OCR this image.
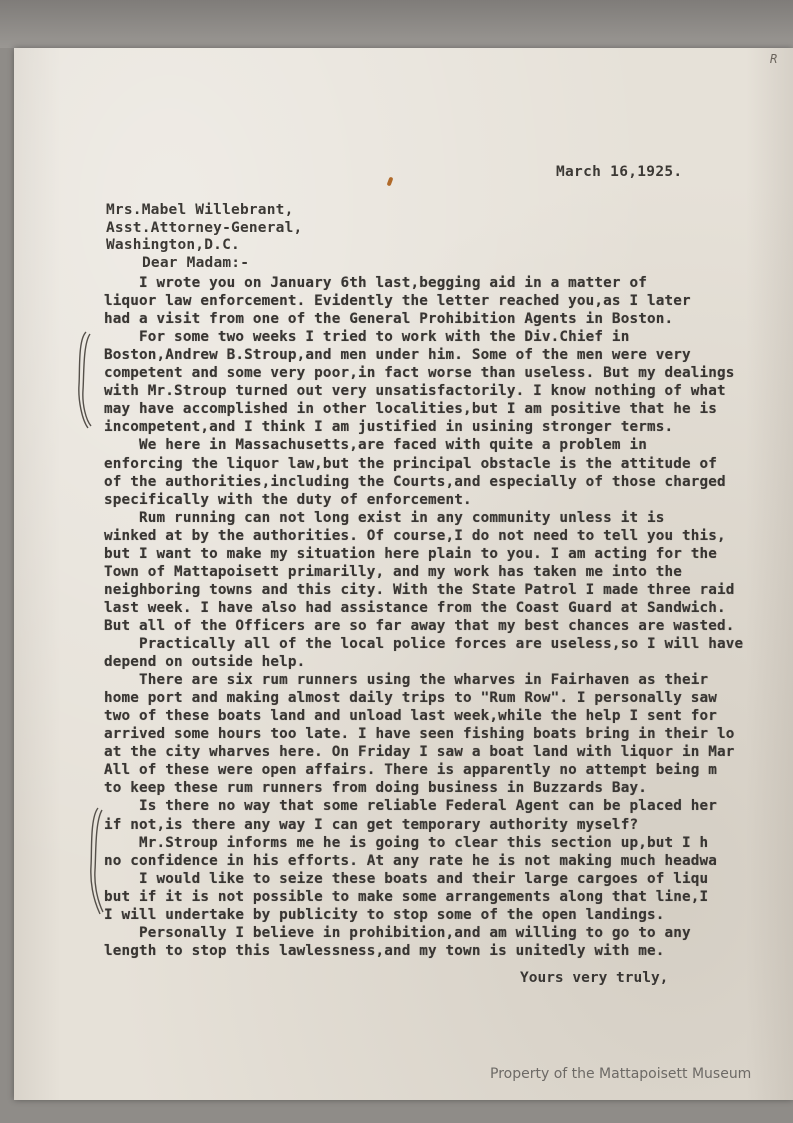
R
March 16,1925.
Mrs.Mabel Willebrant,
Asst.Attorney-General,
Washington,D.C.
Dear Madam:-
I wrote you on January 6th last,begging aid in a matter of
liquor law enforcement. Evidently the letter reached you,as I later
had a visit from one of the General Prohibition Agents in Boston.
For some two weeks I tried to work with the Div.Chief in
Boston,Andrew B.Stroup,and men under him. Some of the men were very
competent and some very poor,in fact worse than useless. But my dealings
with Mr.Stroup turned out very unsatisfactorily. I know nothing of what
may have accomplished in other localities,but I am positive that he is
incompetent,and I think I am justified in usining stronger terms.
We here in Massachusetts,are faced with quite a problem in
enforcing the liquor law,but the principal obstacle is the attitude of
of the authorities,including the Courts,and especially of those charged
specifically with the duty of enforcement.
Rum running can not long exist in any community unless it is
winked at by the authorities. Of course,I do not need to tell you this,
but I want to make my situation here plain to you. I am acting for the
Town of Mattapoisett primarilly, and my work has taken me into the
neighboring towns and this city. With the State Patrol I made three raid
last week. I have also had assistance from the Coast Guard at Sandwich.
But all of the Officers are so far away that my best chances are wasted.
Practically all of the local police forces are useless,so I will have
depend on outside help.
There are six rum runners using the wharves in Fairhaven as their
home port and making almost daily trips to "Rum Row". I personally saw
two of these boats land and unload last week,while the help I sent for
arrived some hours too late. I have seen fishing boats bring in their lo
at the city wharves here. On Friday I saw a boat land with liquor in Mar
All of these were open affairs. There is apparently no attempt being m
to keep these rum runners from doing business in Buzzards Bay.
Is there no way that some reliable Federal Agent can be placed her
if not,is there any way I can get temporary authority myself?
Mr.Stroup informs me he is going to clear this section up,but I h
no confidence in his efforts. At any rate he is not making much headwa
I would like to seize these boats and their large cargoes of liqu
but if it is not possible to make some arrangements along that line,I
I will undertake by publicity to stop some of the open landings.
Personally I believe in prohibition,and am willing to go to any
length to stop this lawlessness,and my town is unitedly with me.
Yours very truly,
Property of the Mattapoisett Museum
